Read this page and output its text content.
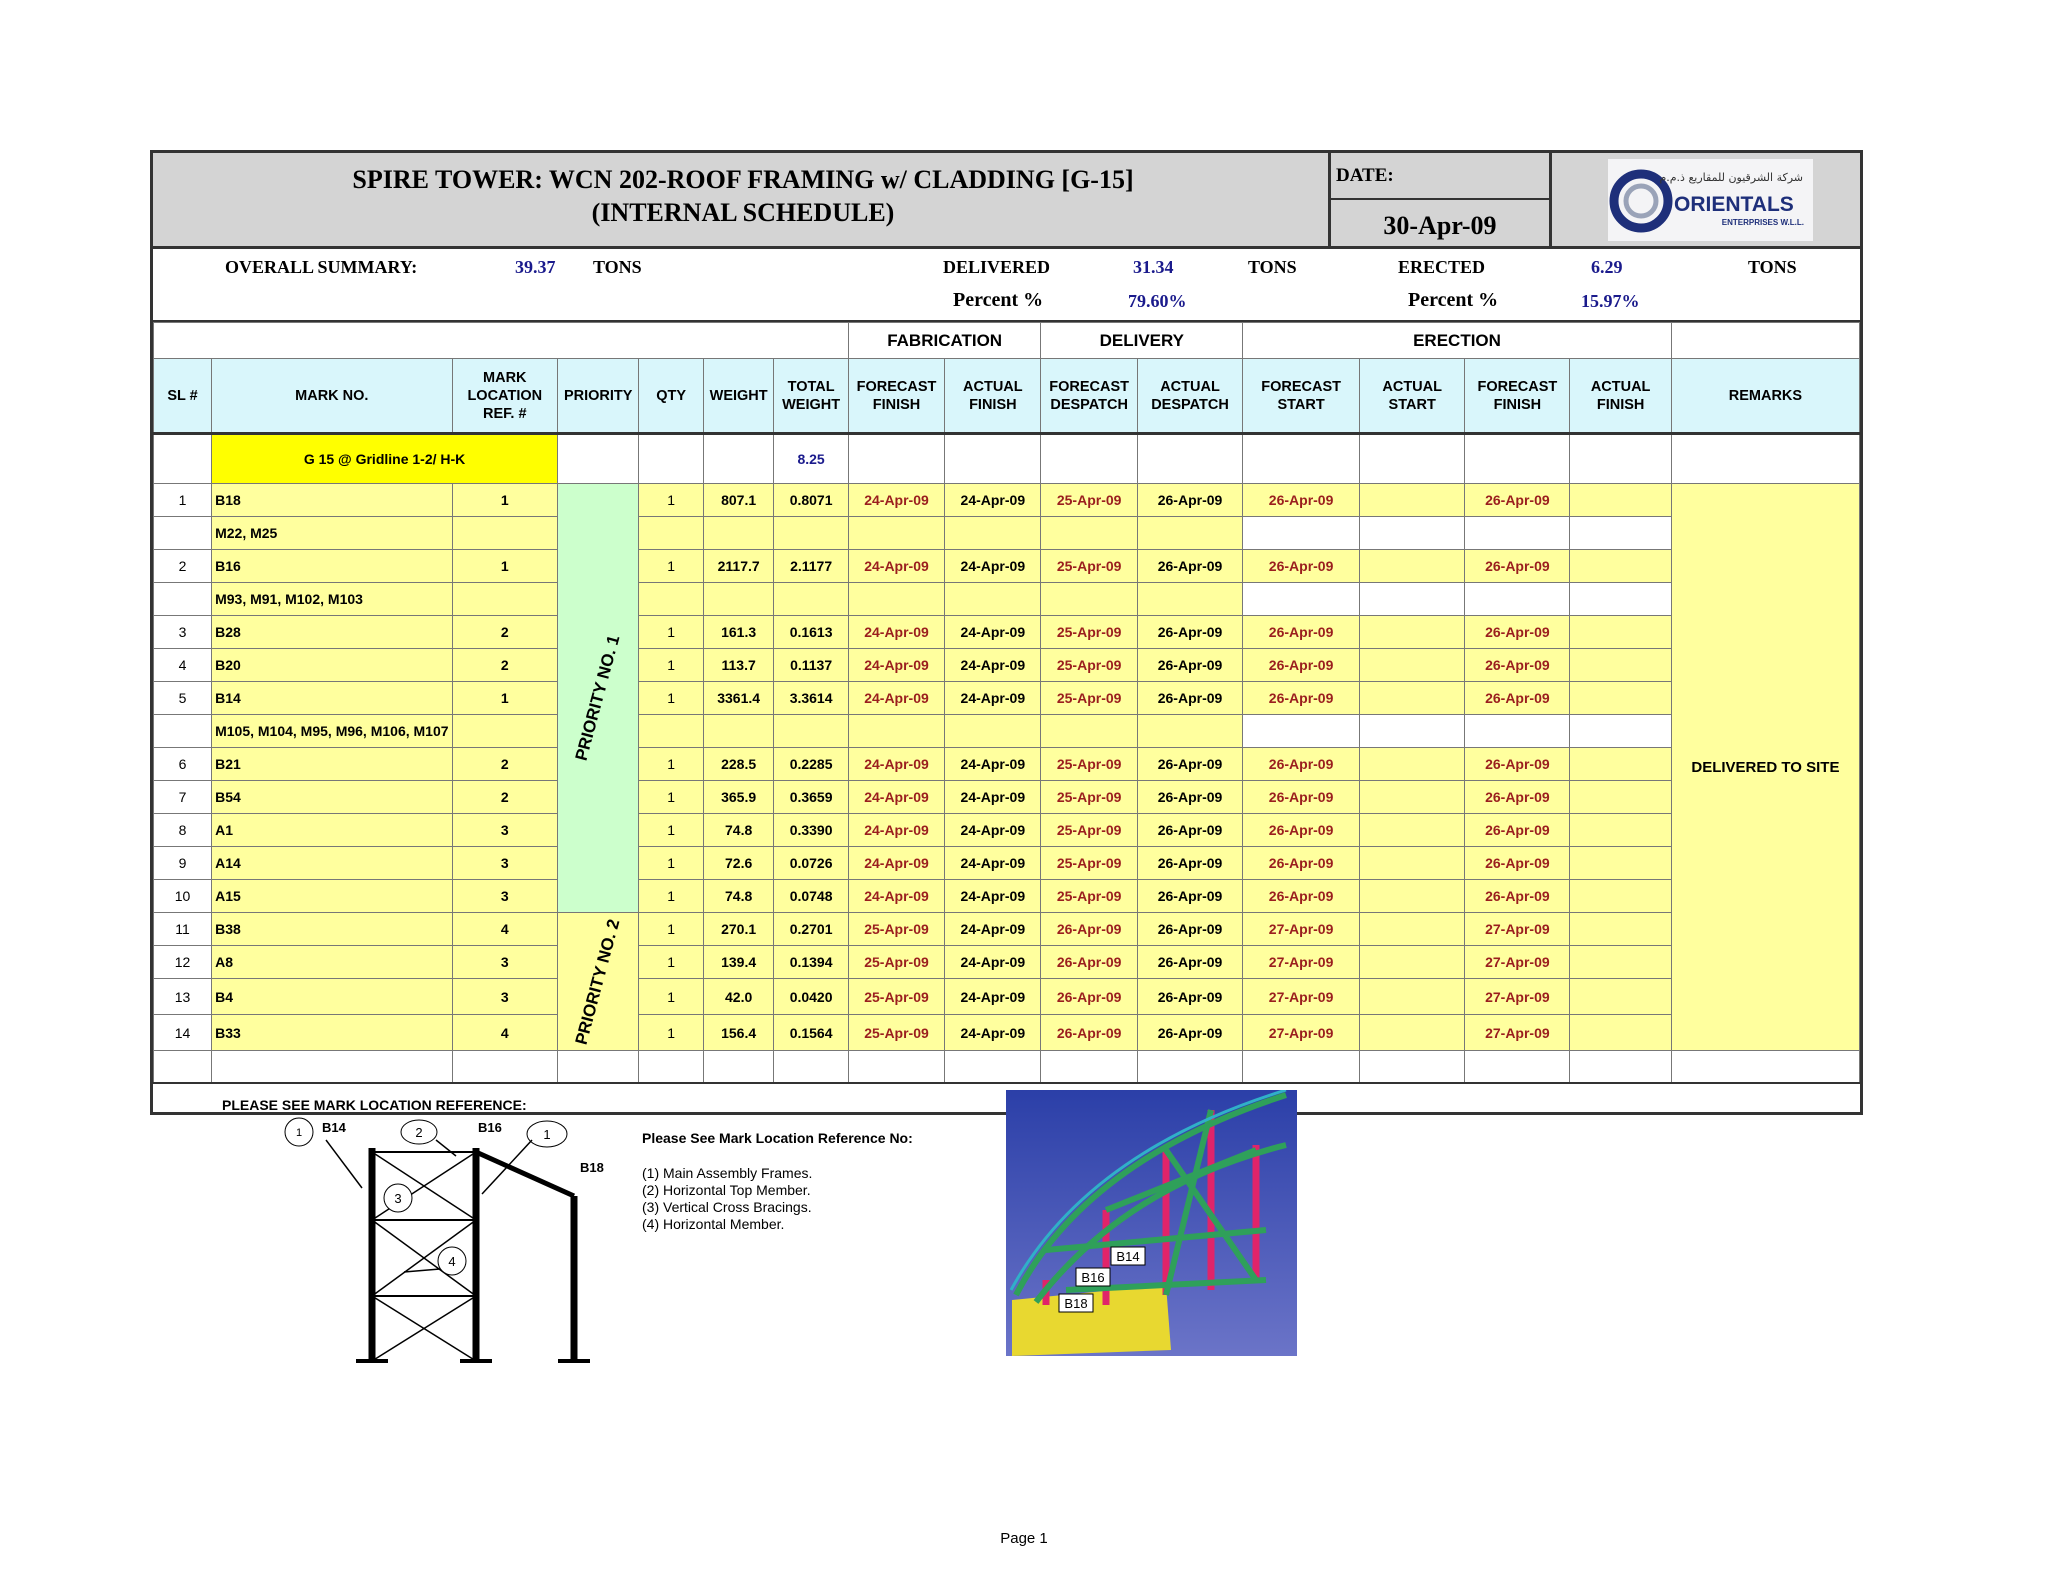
SPIRE TOWER: WCN 202-ROOF FRAMING w/ CLADDING [G-15]
(INTERNAL SCHEDULE)
DATE:
30-Apr-09
شركة الشرقيون للمقاريع ذ.م.م
ORIENTALS
ENTERPRISES W.L.L.
OVERALL SUMMARY:	39.37 TONS	DELIVERED	31.34	TONS	ERECTED	6.29	TONS
Percent %	79.60%	Percent %	15.97%
							FABRICATION		DELIVERY		ERECTION				
SL #	MARK NO.	MARK LOCATION REF. #	PRIORITY	QTY	WEIGHT	TOTAL WEIGHT	FORECAST FINISH	ACTUAL FINISH	FORECAST DESPATCH	ACTUAL DESPATCH	FORECAST START	ACTUAL START	FORECAST FINISH	ACTUAL FINISH	REMARKS
	G 15 @ Gridline 1-2/ H-K					8.25									
1	B18	1	PRIORITY NO. 1	1	807.1	0.8071	24-Apr-09	24-Apr-09	25-Apr-09	26-Apr-09	26-Apr-09		26-Apr-09		DELIVERED TO SITE
	M22, M25														
2	B16	1		1	2117.7	2.1177	24-Apr-09	24-Apr-09	25-Apr-09	26-Apr-09	26-Apr-09		26-Apr-09		
	M93, M91, M102, M103														
3	B28	2		1	161.3	0.1613	24-Apr-09	24-Apr-09	25-Apr-09	26-Apr-09	26-Apr-09		26-Apr-09		
4	B20	2		1	113.7	0.1137	24-Apr-09	24-Apr-09	25-Apr-09	26-Apr-09	26-Apr-09		26-Apr-09		
5	B14	1		1	3361.4	3.3614	24-Apr-09	24-Apr-09	25-Apr-09	26-Apr-09	26-Apr-09		26-Apr-09		
	M105, M104, M95, M96, M106, M107														
6	B21	2		1	228.5	0.2285	24-Apr-09	24-Apr-09	25-Apr-09	26-Apr-09	26-Apr-09		26-Apr-09		
7	B54	2		1	365.9	0.3659	24-Apr-09	24-Apr-09	25-Apr-09	26-Apr-09	26-Apr-09		26-Apr-09		
8	A1	3		1	74.8	0.3390	24-Apr-09	24-Apr-09	25-Apr-09	26-Apr-09	26-Apr-09		26-Apr-09		
9	A14	3		1	72.6	0.0726	24-Apr-09	24-Apr-09	25-Apr-09	26-Apr-09	26-Apr-09		26-Apr-09		
10	A15	3		1	74.8	0.0748	24-Apr-09	24-Apr-09	25-Apr-09	26-Apr-09	26-Apr-09		26-Apr-09		
11	B38	4	PRIORITY NO. 2	1	270.1	0.2701	25-Apr-09	24-Apr-09	26-Apr-09	26-Apr-09	27-Apr-09		27-Apr-09		
12	A8	3		1	139.4	0.1394	25-Apr-09	24-Apr-09	26-Apr-09	26-Apr-09	27-Apr-09		27-Apr-09		
13	B4	3		1	42.0	0.0420	25-Apr-09	24-Apr-09	26-Apr-09	26-Apr-09	27-Apr-09		27-Apr-09		
14	B33	4		1	156.4	0.1564	25-Apr-09	24-Apr-09	26-Apr-09	26-Apr-09	27-Apr-09		27-Apr-09		

PLEASE SEE MARK LOCATION REFERENCE:
1 B14	2	B16	1
B18
3
4
Please See Mark Location Reference No:
(1) Main Assembly Frames.
(2) Horizontal Top Member.
(3) Vertical Cross Bracings.
(4) Horizontal Member.
B14
B16
B18
Page 1
